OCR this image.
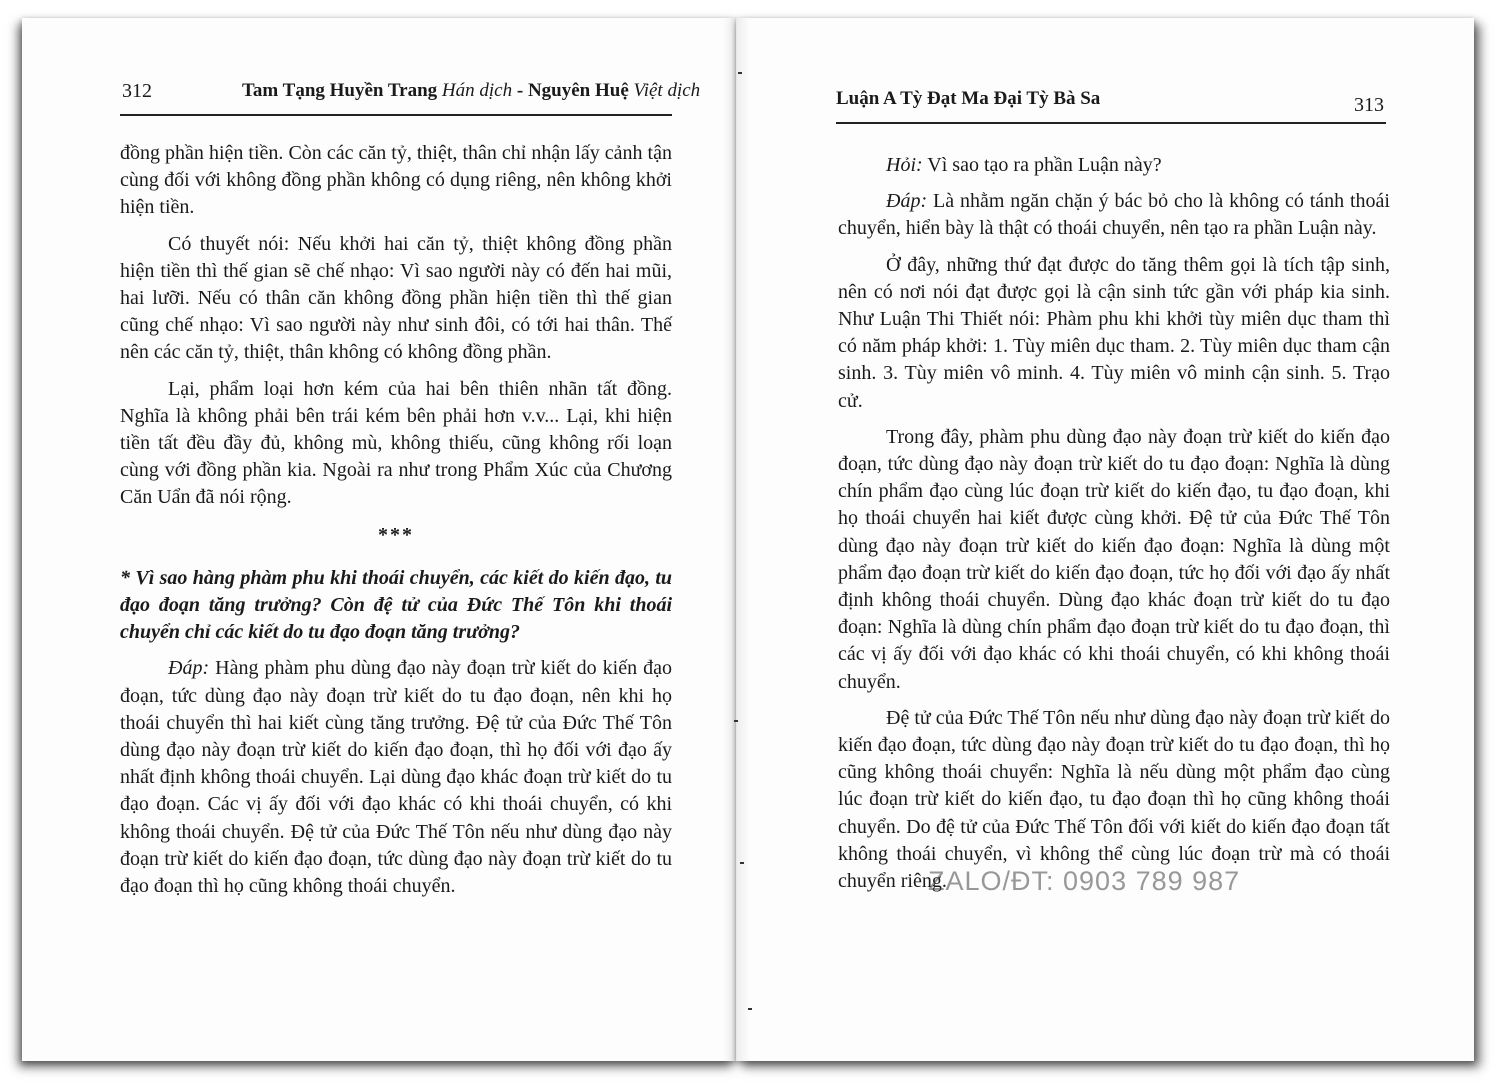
312	Tam Tạng Huyền Trang Hán dịch - Nguyên Huệ Việt dịch

đồng phần hiện tiền. Còn các căn tỷ, thiệt, thân chỉ nhận lấy cảnh tận cùng đối với không đồng phần không có dụng riêng, nên không khởi hiện tiền.

Có thuyết nói: Nếu khởi hai căn tỷ, thiệt không đồng phần hiện tiền thì thế gian sẽ chế nhạo: Vì sao người này có đến hai mũi, hai lưỡi. Nếu có thân căn không đồng phần hiện tiền thì thế gian cũng chế nhạo: Vì sao người này như sinh đôi, có tới hai thân. Thế nên các căn tỷ, thiệt, thân không có không đồng phần.

Lại, phẩm loại hơn kém của hai bên thiên nhãn tất đồng. Nghĩa là không phải bên trái kém bên phải hơn v.v... Lại, khi hiện tiền tất đều đầy đủ, không mù, không thiếu, cũng không rối loạn cùng với đồng phần kia. Ngoài ra như trong Phẩm Xúc của Chương Căn Uẩn đã nói rộng.

***

* Vì sao hàng phàm phu khi thoái chuyển, các kiết do kiến đạo, tu đạo đoạn tăng trưởng? Còn đệ tử của Đức Thế Tôn khi thoái chuyển chỉ các kiết do tu đạo đoạn tăng trưởng?

Đáp: Hàng phàm phu dùng đạo này đoạn trừ kiết do kiến đạo đoạn, tức dùng đạo này đoạn trừ kiết do tu đạo đoạn, nên khi họ thoái chuyển thì hai kiết cùng tăng trưởng. Đệ tử của Đức Thế Tôn dùng đạo này đoạn trừ kiết do kiến đạo đoạn, thì họ đối với đạo ấy nhất định không thoái chuyển. Lại dùng đạo khác đoạn trừ kiết do tu đạo đoạn. Các vị ấy đối với đạo khác có khi thoái chuyển, có khi không thoái chuyển. Đệ tử của Đức Thế Tôn nếu như dùng đạo này đoạn trừ kiết do kiến đạo đoạn, tức dùng đạo này đoạn trừ kiết do tu đạo đoạn thì họ cũng không thoái chuyển.

Luận A Tỳ Đạt Ma Đại Tỳ Bà Sa	313

Hỏi: Vì sao tạo ra phần Luận này?

Đáp: Là nhằm ngăn chặn ý bác bỏ cho là không có tánh thoái chuyển, hiển bày là thật có thoái chuyển, nên tạo ra phần Luận này.

Ở đây, những thứ đạt được do tăng thêm gọi là tích tập sinh, nên có nơi nói đạt được gọi là cận sinh tức gần với pháp kia sinh. Như Luận Thi Thiết nói: Phàm phu khi khởi tùy miên dục tham thì có năm pháp khởi: 1. Tùy miên dục tham. 2. Tùy miên dục tham cận sinh. 3. Tùy miên vô minh. 4. Tùy miên vô minh cận sinh. 5. Trạo cử.

Trong đây, phàm phu dùng đạo này đoạn trừ kiết do kiến đạo đoạn, tức dùng đạo này đoạn trừ kiết do tu đạo đoạn: Nghĩa là dùng chín phẩm đạo cùng lúc đoạn trừ kiết do kiến đạo, tu đạo đoạn, khi họ thoái chuyển hai kiết được cùng khởi. Đệ tử của Đức Thế Tôn dùng đạo này đoạn trừ kiết do kiến đạo đoạn: Nghĩa là dùng một phẩm đạo đoạn trừ kiết do kiến đạo đoạn, tức họ đối với đạo ấy nhất định không thoái chuyển. Dùng đạo khác đoạn trừ kiết do tu đạo đoạn: Nghĩa là dùng chín phẩm đạo đoạn trừ kiết do tu đạo đoạn, thì các vị ấy đối với đạo khác có khi thoái chuyển, có khi không thoái chuyển.

Đệ tử của Đức Thế Tôn nếu như dùng đạo này đoạn trừ kiết do kiến đạo đoạn, tức dùng đạo này đoạn trừ kiết do tu đạo đoạn, thì họ cũng không thoái chuyển: Nghĩa là nếu dùng một phẩm đạo cùng lúc đoạn trừ kiết do kiến đạo, tu đạo đoạn thì họ cũng không thoái chuyển. Do đệ tử của Đức Thế Tôn đối với kiết do kiến đạo đoạn tất không thoái chuyển, vì không thể cùng lúc đoạn trừ mà có thoái chuyển riêng.

ZALO/ĐT: 0903 789 987
